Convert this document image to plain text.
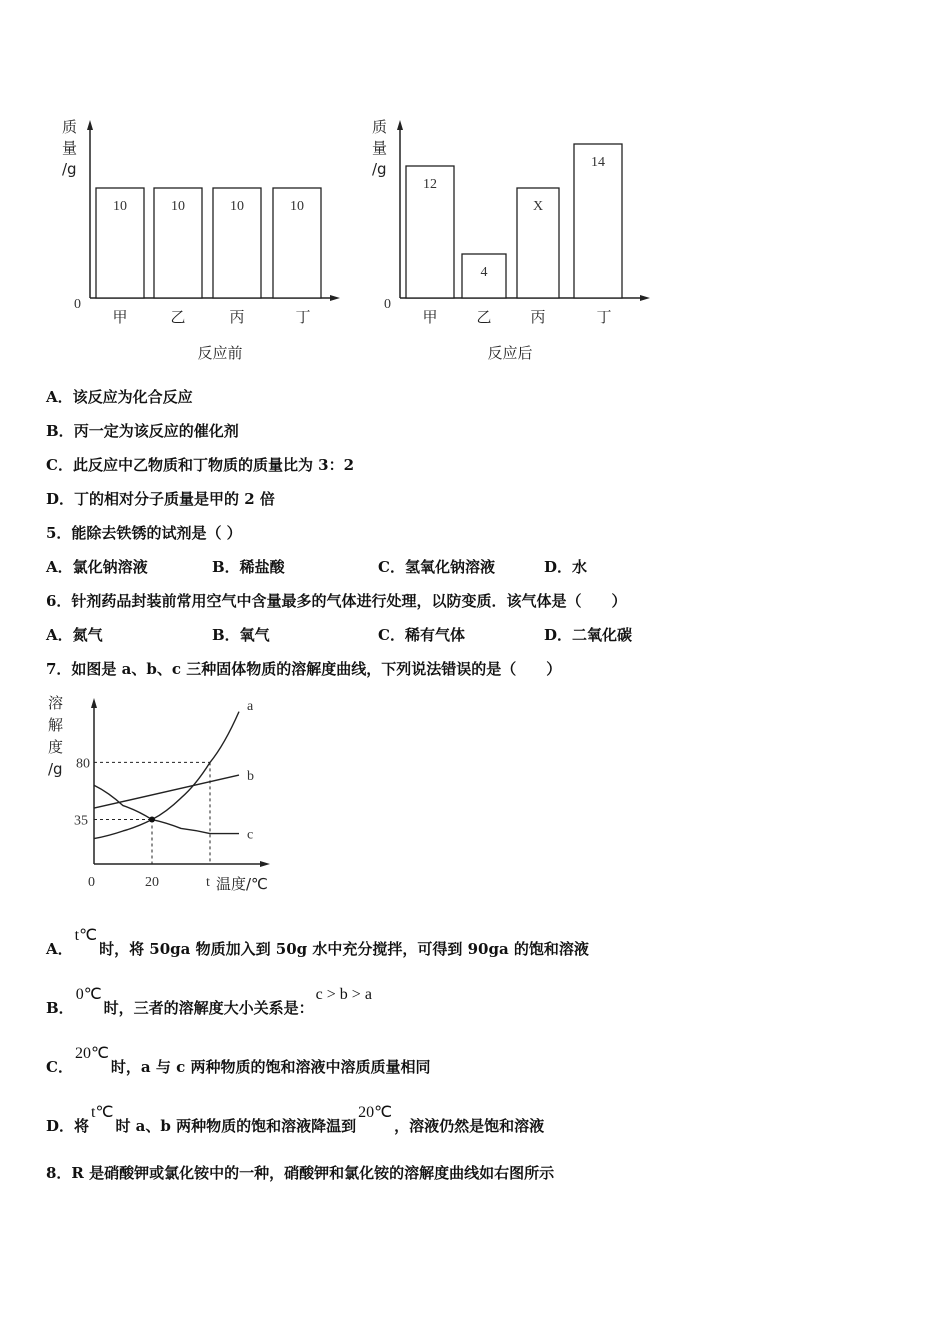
质
量
/g
0
10
甲
10
乙
10
丙
10
丁
反应前
质
量
/g
0
12
甲
4
乙
X
丙
14
丁
反应后
A．该反应为化合反应
B．丙一定为该反应的催化剂
C．此反应中乙物质和丁物质的质量比为 3：2
D．丁的相对分子质量是甲的 2 倍
5．能除去铁锈的试剂是（ ）
A．氯化钠溶液	B．稀盐酸	C．氢氧化钠溶液	D．水
6．针剂药品封装前常用空气中含量最多的气体进行处理，以防变质．该气体是（　　）
A．氮气	B．氧气	C．稀有气体	D．二氧化碳
7．如图是 a、b、c 三种固体物质的溶解度曲线，下列说法错误的是（　　）
溶
解
度
/g
0
80
35
20	t 温度/℃
a
b
c
A．t℃时，将 50ga 物质加入到 50g 水中充分搅拌，可得到 90ga 的饱和溶液
B．0℃时，三者的溶解度大小关系是：c > b > a
C．20℃时，a 与 c 两种物质的饱和溶液中溶质质量相同
D．将t℃时 a、b 两种物质的饱和溶液降温到20℃，溶液仍然是饱和溶液
8．R 是硝酸钾或氯化铵中的一种，硝酸钾和氯化铵的溶解度曲线如右图所示
